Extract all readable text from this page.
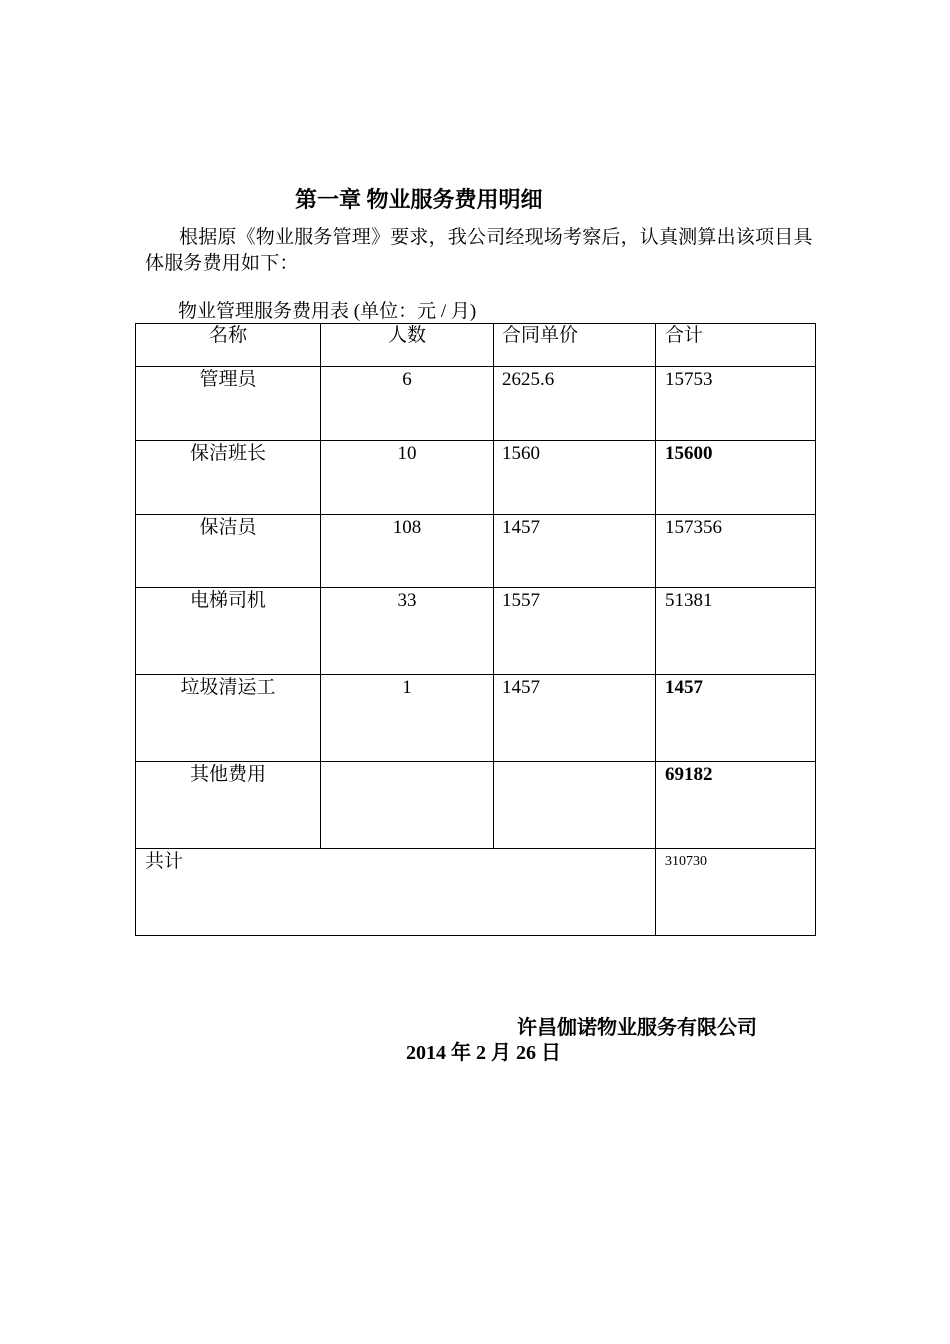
第一章 物业服务费用明细
根据原《物业服务管理》要求，我公司经现场考察后，认真测算出该项目具体服务费用如下：
物业管理服务费用表 (单位：元 / 月)
名称	人数	合同单价	合计

管理员	6	2625.6	15753

保洁班长	10	1560	15600

保洁员	108	1457	157356

电梯司机	33	1557	51381

垃圾清运工	1	1457	1457

其他费用			69182

共计			310730
许昌伽诺物业服务有限公司
2014 年 2 月 26 日
